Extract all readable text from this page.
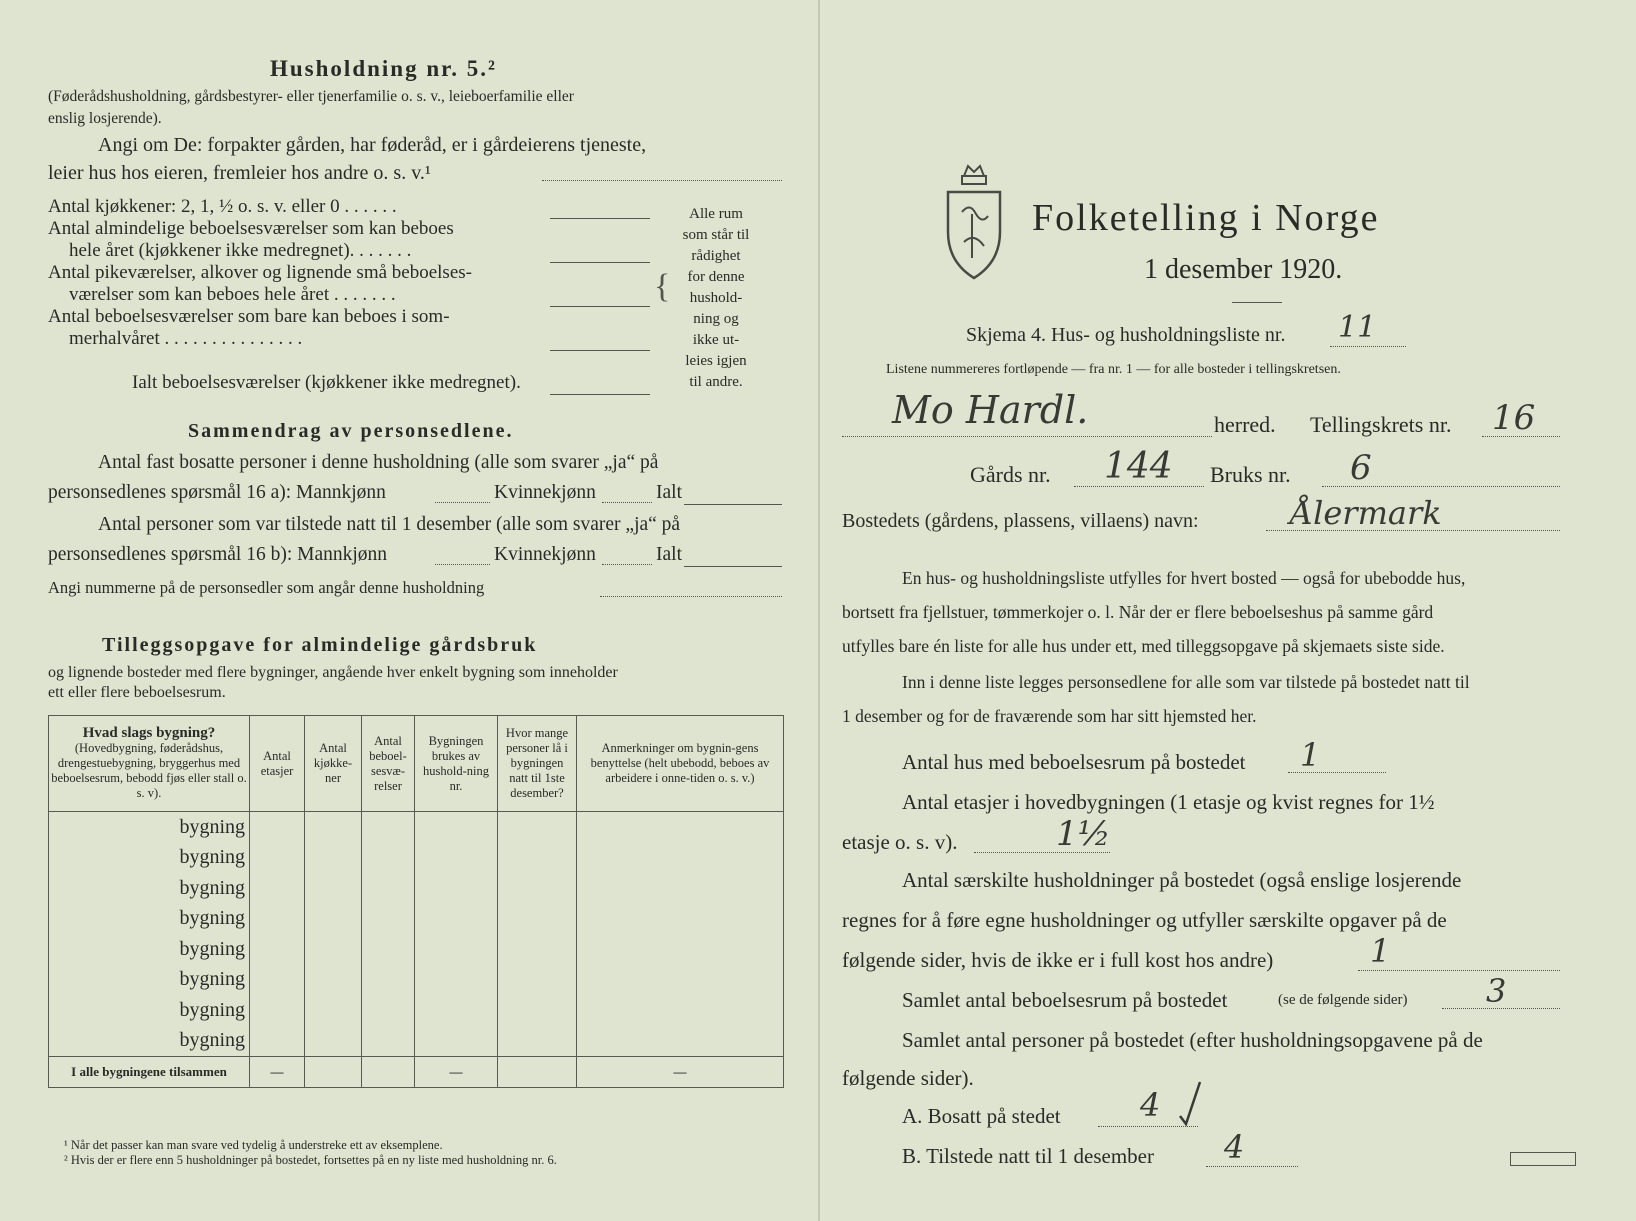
Husholdning nr. 5.²
(Føderådshusholdning, gårdsbestyrer- eller tjenerfamilie o. s. v., leieboerfamilie eller
enslig losjerende).
Angi om De: forpakter gården, har føderåd, er i gårdeierens tjeneste,
leier hus hos eieren, fremleier hos andre o. s. v.¹
Antal kjøkkener: 2, 1, ½ o. s. v. eller 0 . . . . . .
Antal almindelige beboelsesværelser som kan beboes
hele året (kjøkkener ikke medregnet). . . . . . .
Antal pikeværelser, alkover og lignende små beboelses-
værelser som kan beboes hele året . . . . . . .
Antal beboelsesværelser som bare kan beboes i som-
merhalvåret . . . . . . . . . . . . . . .
Ialt beboelsesværelser (kjøkkener ikke medregnet).
{
Alle rum
som står til
rådighet
for denne
hushold-
ning og
ikke ut-
leies igjen
til andre.
Sammendrag av personsedlene.
Antal fast bosatte personer i denne husholdning (alle som svarer „ja“ på
personsedlenes spørsmål 16 a): Mannkjønn	Kvinnekjønn	Ialt
Antal personer som var tilstede natt til 1 desember (alle som svarer „ja“ på
personsedlenes spørsmål 16 b): Mannkjønn	Kvinnekjønn	Ialt
Angi nummerne på de personsedler som angår denne husholdning
Tilleggsopgave for almindelige gårdsbruk
og lignende bosteder med flere bygninger, angående hver enkelt bygning som inneholder
ett eller flere beboelsesrum.
Hvad slags bygning?
(Hovedbygning, føderådshus, drengestuebygning, bryggerhus med beboelsesrum, bebodd fjøs eller stall o. s. v).	Antal etasjer	Antal kjøkke-ner	Antal beboel-sesvæ-relser	Bygningen brukes av hushold-ning nr.	Hvor mange personer lå i bygningen natt til 1ste desember?	Anmerkninger om bygnin-gens benyttelse (helt ubebodd, beboes av arbeidere i onne-tiden o. s. v.)
bygning						
bygning						
bygning						
bygning						
bygning						
bygning						
bygning						
bygning						
I alle bygningene tilsammen	—			—		—
¹ Når det passer kan man svare ved tydelig å understreke ett av eksemplene.
² Hvis der er flere enn 5 husholdninger på bostedet, fortsettes på en ny liste med husholdning nr. 6.
Folketelling i Norge
1 desember 1920.
Skjema 4. Hus- og husholdningsliste nr. 11
Listene nummereres fortløpende — fra nr. 1 — for alle bosteder i tellingskretsen.
Mo Hardl.	herred. Tellingskrets nr. 16
Gårds nr. 144 Bruks nr. 6
Bostedets (gårdens, plassens, villaens) navn:	Ålermark
En hus- og husholdningsliste utfylles for hvert bosted — også for ubebodde hus,
bortsett fra fjellstuer, tømmerkojer o. l. Når der er flere beboelseshus på samme gård
utfylles bare én liste for alle hus under ett, med tilleggsopgave på skjemaets siste side.
Inn i denne liste legges personsedlene for alle som var tilstede på bostedet natt til
1 desember og for de fraværende som har sitt hjemsted her.
Antal hus med beboelsesrum på bostedet 1
Antal etasjer i hovedbygningen (1 etasje og kvist regnes for 1½
etasje o. s. v).	1½
Antal særskilte husholdninger på bostedet (også enslige losjerende
regnes for å føre egne husholdninger og utfyller særskilte opgaver på de
følgende sider, hvis de ikke er i full kost hos andre)	1
Samlet antal beboelsesrum på bostedet	(se de følgende sider) 3
Samlet antal personer på bostedet (efter husholdningsopgavene på de
følgende sider).
A. Bosatt på stedet 4
B. Tilstede natt til 1 desember 4
